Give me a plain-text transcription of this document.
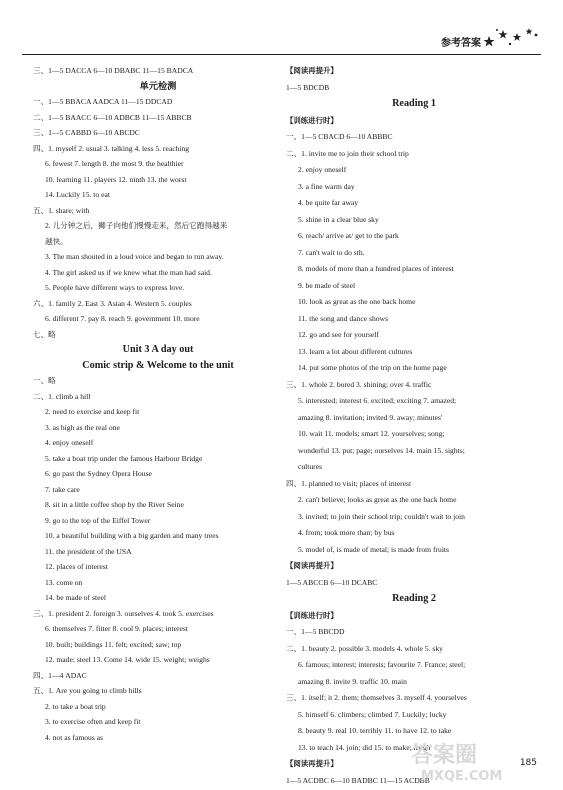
参考答案
三、1—5 DACCA 6—10 DBABC 11—15 BADCA
单元检测
一、1—5 BBACA AADCA 11—15 DDCAD
二、1—5 BAACC 6—10 ADBCB 11—15 ABBCB
三、1—5 CABBD 6—10 ABCDC
四、1. myself 2. usual 3. talking 4. less 5. reaching
6. fewest 7. length 8. the most 9. the healthier
10. learning 11. players 12. ninth 13. the worst
14. Luckily 15. to eat
五、1. share; with
2. 儿分钟之后，狮子向他们慢慢走来，然后它跑得越来
越快。
3. The man shouted in a loud voice and began to run away.
4. The girl asked us if we knew what the man had said.
5. People have different ways to express love.
六、1. family 2. East 3. Asian 4. Western 5. couples
6. different 7. pay 8. reach 9. government 10. more
七、略
Unit 3 A day out
Comic strip & Welcome to the unit
一、略
二、1. climb a hill
2. need to exercise and keep fit
3. as high as the real one
4. enjoy oneself
5. take a boat trip under the famous Harbour Bridge
6. go past the Sydney Opera House
7. take care
8. sit in a little coffee shop by the River Seine
9. go to the top of the Eiffel Tower
10. a beautiful building with a big garden and many trees
11. the president of the USA
12. places of interest
13. come on
14. be made of steel
三、1. president 2. foreign 3. ourselves 4. took 5. exercises
6. themselves 7. fitter 8. cool 9. places; interest
10. built; buildings 11. felt; excited; saw; top
12. made; steel 13. Come 14. wide 15. weight; weighs
四、1—4 ADAC
五、1. Are you going to climb hills
2. to take a boat trip
3. to exercise often and keep fit
4. not as famous as
【阅读再提升】
1—5 BDCDB
Reading 1
【训练进行时】
一、1—5 CBACD 6—10 ABBBC
二、1. invite me to join their school trip
2. enjoy oneself
3. a fine warm day
4. be quite far away
5. shine in a clear blue sky
6. reach/ arrive at/ get to the park
7. can't wait to do sth.
8. models of more than a hundred places of interest
9. be made of steel
10. look as great as the one back home
11. the song and dance shows
12. go and see for yourself
13. learn a lot about different cultures
14. put some photos of the trip on the home page
三、1. whole 2. bored 3. shining; over 4. traffic
5. interested; interest 6. excited; exciting 7. amazed;
amazing 8. invitation; invited 9. away; minutes'
10. wait 11. models; smart 12. yourselves; song;
wonderful 13. put; page; ourselves 14. main 15. sights;
cultures
四、1. planned to visit; places of interest
2. can't believe; looks as great as the one back home
3. invited; to join their school trip; couldn't wait to join
4. from; took more than; by bus
5. model of, is made of metal; is made from fruits
【阅读再提升】
1—5 ABCCB 6—10 DCABC
Reading 2
【训练进行时】
一、1—5 BBCDD
二、1. beauty 2. possible 3. models 4. whole 5. sky
6. famous; interest; interests; favourite 7. France; steel;
amazing 8. invite 9. traffic 10. main
三、1. itself; it 2. them; themselves 3. myself 4. yourselves
5. himself 6. climbers; climbed 7. Luckily; lucky
8. beauty 9. real 10. terribly 11. to have 12. to take
13. to teach 14. join; did 15. to make; laugh
【阅读再提升】
1—5 ACDBC 6—10 BADBC 11—15 ACDBB
答案圈
MXQE.COM
185
